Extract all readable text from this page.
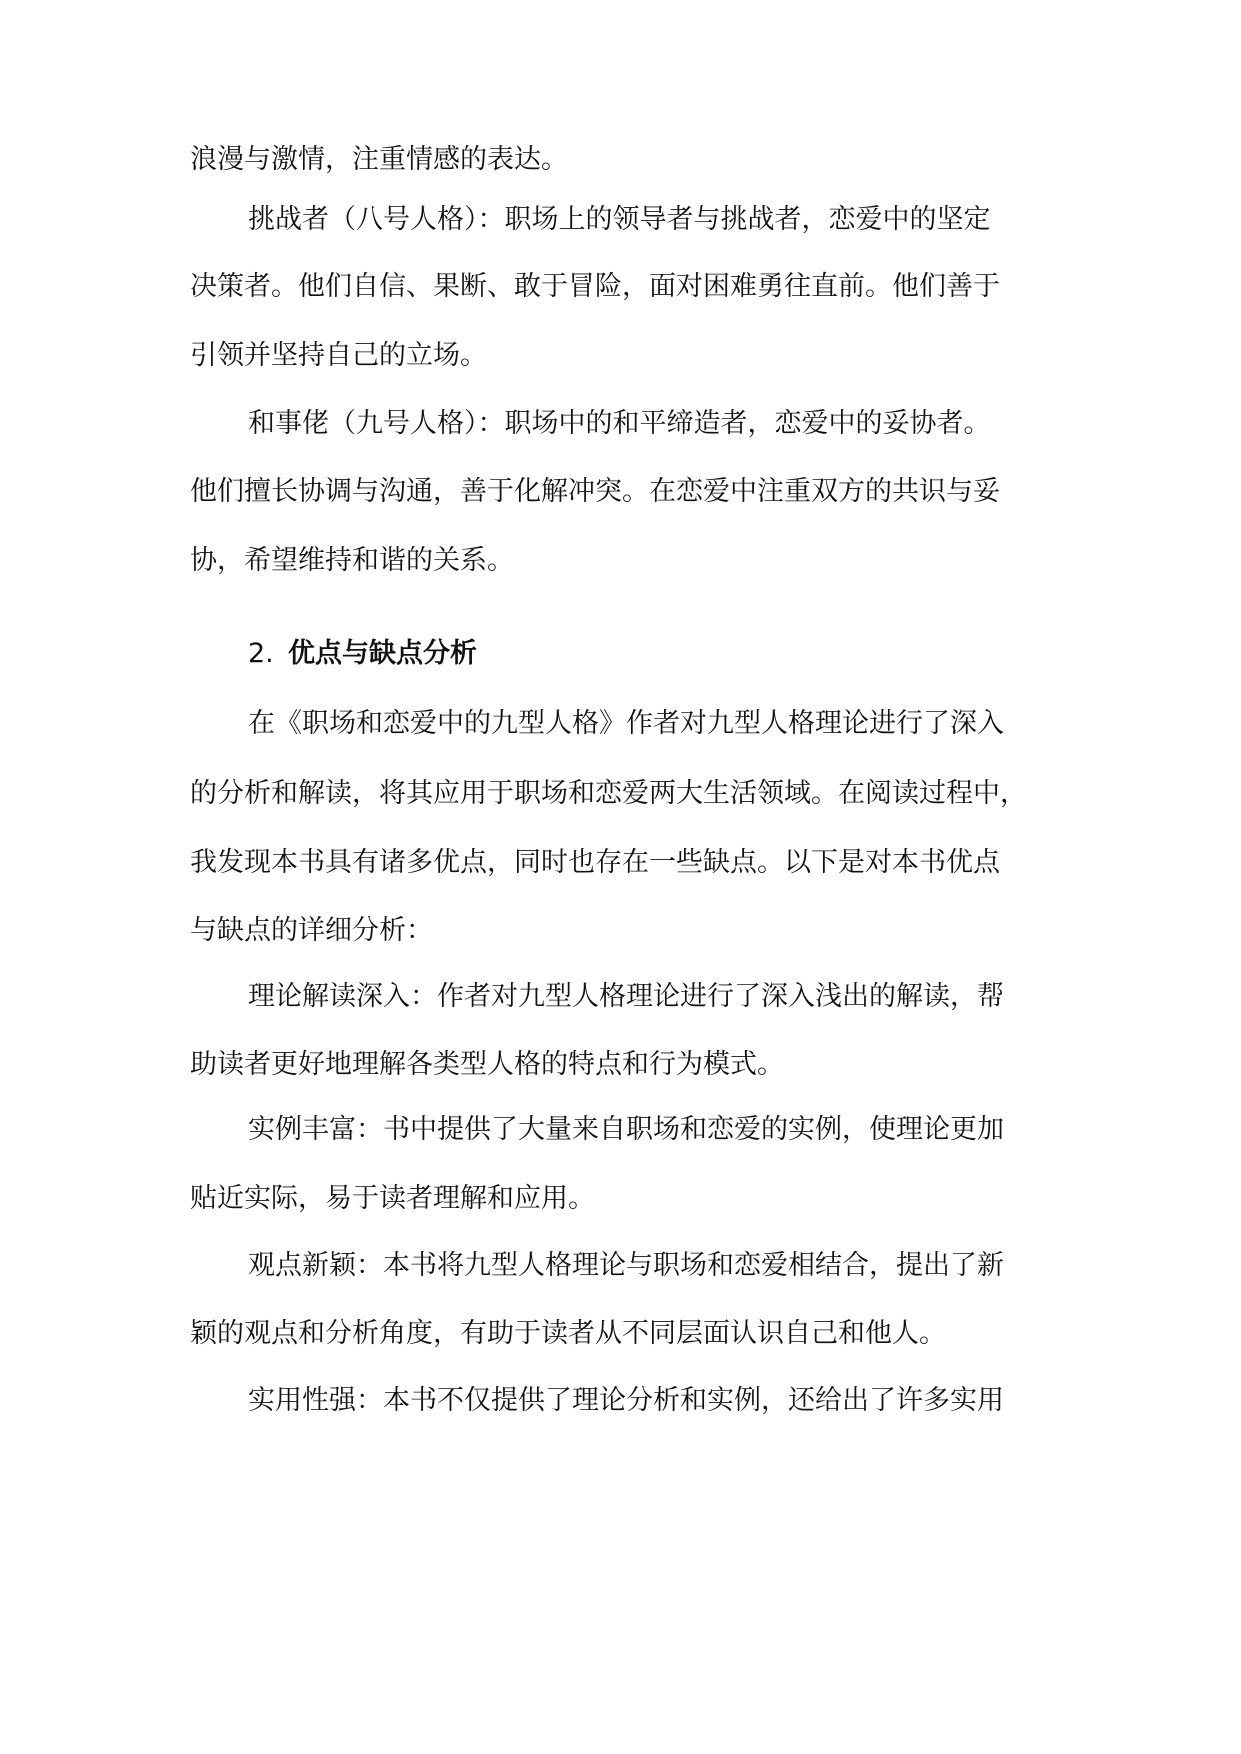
浪漫与激情，注重情感的表达。
挑战者（八号人格）：职场上的领导者与挑战者，恋爱中的坚定
决策者。他们自信、果断、敢于冒险，面对困难勇往直前。他们善于
引领并坚持自己的立场。
和事佬（九号人格）：职场中的和平缔造者，恋爱中的妥协者。
他们擅长协调与沟通，善于化解冲突。在恋爱中注重双方的共识与妥
协，希望维持和谐的关系。
2. 优点与缺点分析
在《职场和恋爱中的九型人格》作者对九型人格理论进行了深入
的分析和解读，将其应用于职场和恋爱两大生活领域。在阅读过程中，
我发现本书具有诸多优点，同时也存在一些缺点。以下是对本书优点
与缺点的详细分析：
理论解读深入：作者对九型人格理论进行了深入浅出的解读，帮
助读者更好地理解各类型人格的特点和行为模式。
实例丰富：书中提供了大量来自职场和恋爱的实例，使理论更加
贴近实际，易于读者理解和应用。
观点新颖：本书将九型人格理论与职场和恋爱相结合，提出了新
颖的观点和分析角度，有助于读者从不同层面认识自己和他人。
实用性强：本书不仅提供了理论分析和实例，还给出了许多实用
